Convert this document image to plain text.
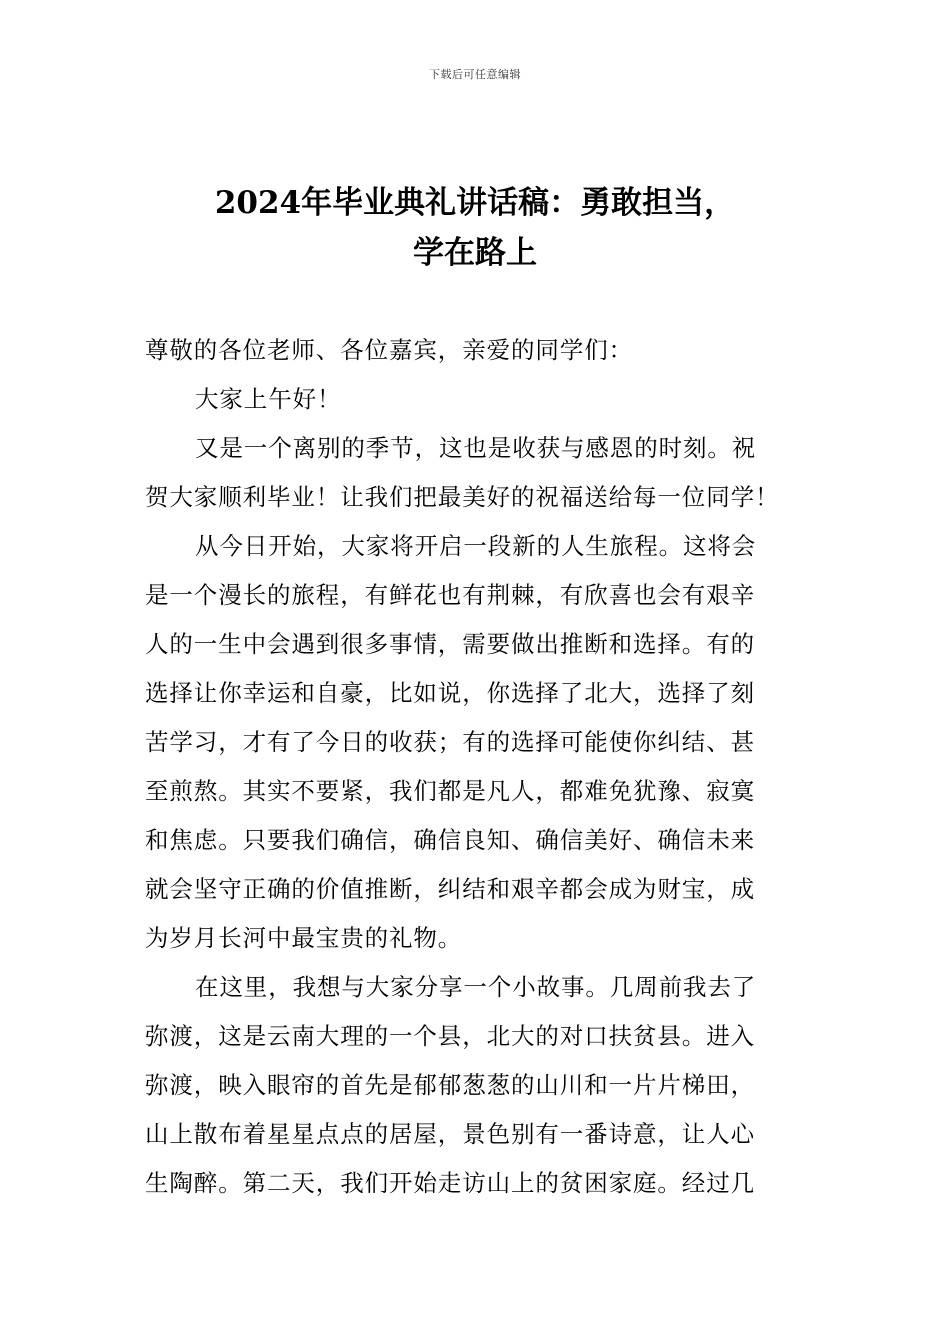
下载后可任意编辑
2024年毕业典礼讲话稿：勇敢担当，
学在路上

尊敬的各位老师、各位嘉宾，亲爱的同学们：

大家上午好！

又是一个离别的季节，这也是收获与感恩的时刻。祝

贺大家顺利毕业！让我们把最美好的祝福送给每一位同学！

从今日开始，大家将开启一段新的人生旅程。这将会

是一个漫长的旅程，有鲜花也有荆棘，有欣喜也会有艰辛

人的一生中会遇到很多事情，需要做出推断和选择。有的

选择让你幸运和自豪，比如说，你选择了北大，选择了刻

苦学习，才有了今日的收获；有的选择可能使你纠结、甚

至煎熬。其实不要紧，我们都是凡人，都难免犹豫、寂寞

和焦虑。只要我们确信，确信良知、确信美好、确信未来

就会坚守正确的价值推断，纠结和艰辛都会成为财宝，成

为岁月长河中最宝贵的礼物。

在这里，我想与大家分享一个小故事。几周前我去了

弥渡，这是云南大理的一个县，北大的对口扶贫县。进入

弥渡，映入眼帘的首先是郁郁葱葱的山川和一片片梯田，

山上散布着星星点点的居屋，景色别有一番诗意，让人心

生陶醉。第二天，我们开始走访山上的贫困家庭。经过几
